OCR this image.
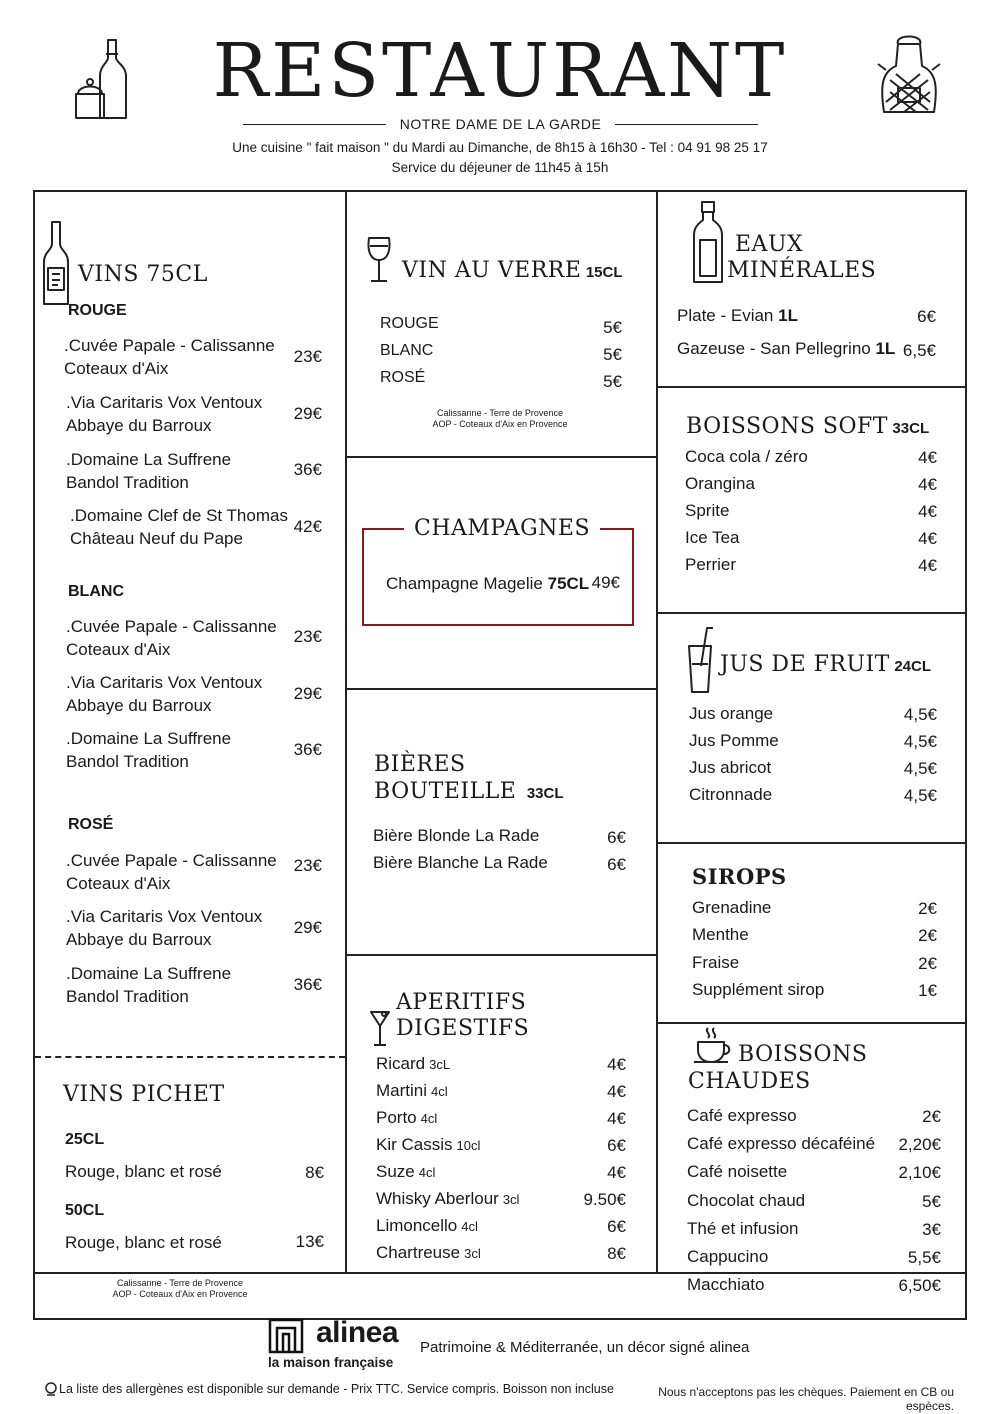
RESTAURANT
NOTRE DAME DE LA GARDE
Une cuisine " fait maison " du Mardi au Dimanche, de 8h15 à 16h30 - Tel : 04 91 98 25 17
Service du déjeuner de 11h45 à 15h
VINS 75CL
ROUGE
.Cuvée Papale - Calissanne
Coteaux d'Aix
23€
.Via Caritaris Vox Ventoux
Abbaye du Barroux
29€
.Domaine La Suffrene
Bandol Tradition
36€
.Domaine Clef de St Thomas
Château Neuf du Pape
42€
BLANC
.Cuvée Papale - Calissanne
Coteaux d'Aix
23€
.Via Caritaris Vox Ventoux
Abbaye du Barroux
29€
.Domaine La Suffrene
Bandol Tradition
36€
ROSÉ
.Cuvée Papale - Calissanne
Coteaux d'Aix
23€
.Via Caritaris Vox Ventoux
Abbaye du Barroux
29€
.Domaine La Suffrene
Bandol Tradition
36€
VINS PICHET
25CL
Rouge, blanc et rosé	8€
50CL
Rouge, blanc et rosé	13€
Calissanne - Terre de Provence
AOP - Coteaux d'Aix en Provence
VIN AU VERRE 15CL
ROUGE	5€
BLANC	5€
ROSÉ	5€
Calissanne - Terre de Provence
AOP - Coteaux d'Aix en Provence
CHAMPAGNES
Champagne Magelie 75CL 49€
BIÈRES
BOUTEILLE 33CL
Bière Blonde La Rade	6€
Bière Blanche La Rade	6€
APERITIFS
DIGESTIFS
Ricard 3cL	4€
Martini 4cl	4€
Porto 4cl	4€
Kir Cassis 10cl	6€
Suze 4cl	4€
Whisky Aberlour 3cl	9.50€
Limoncello 4cl	6€
Chartreuse 3cl	8€
EAUX
MINÉRALES
Plate - Evian 1L	6€
Gazeuse - San Pellegrino 1L 6,5€
BOISSONS SOFT 33CL
Coca cola / zéro	4€
Orangina	4€
Sprite	4€
Ice Tea	4€
Perrier	4€
JUS DE FRUIT 24CL
Jus orange	4,5€
Jus Pomme	4,5€
Jus abricot	4,5€
Citronnade	4,5€
SIROPS
Grenadine	2€
Menthe	2€
Fraise	2€
Supplément sirop	1€
BOISSONS
CHAUDES
Café expresso	2€
Café expresso décaféiné 2,20€
Café noisette	2,10€
Chocolat chaud	5€
Thé et infusion	3€
Cappucino	5,5€
Macchiato	6,50€
alinea
la maison française
Patrimoine & Méditerranée, un décor signé alinea
La liste des allergènes est disponible sur demande - Prix TTC. Service compris. Boisson non incluse	Nous n'acceptons pas les chèques. Paiement en CB ou espèces.
